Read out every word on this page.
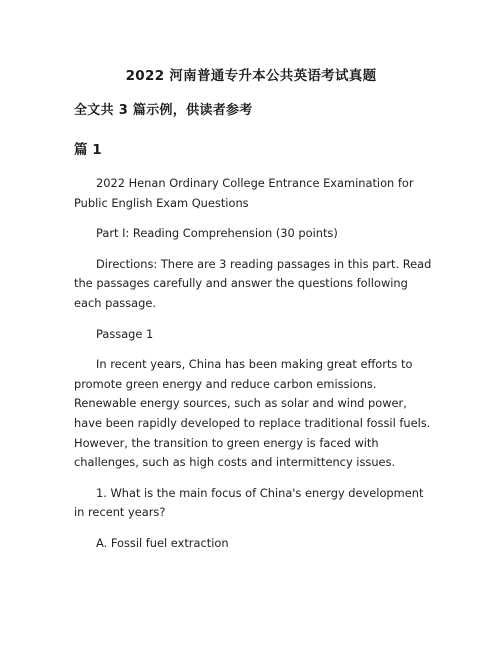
2022 河南普通专升本公共英语考试真题
全文共 3 篇示例，供读者参考
篇 1

2022 Henan Ordinary College Entrance Examination for Public English Exam Questions

Part I: Reading Comprehension (30 points)

Directions: There are 3 reading passages in this part. Read the passages carefully and answer the questions following each passage.

Passage 1

In recent years, China has been making great efforts to promote green energy and reduce carbon emissions. Renewable energy sources, such as solar and wind power, have been rapidly developed to replace traditional fossil fuels. However, the transition to green energy is faced with challenges, such as high costs and intermittency issues.

1. What is the main focus of China's energy development in recent years?

A. Fossil fuel extraction
